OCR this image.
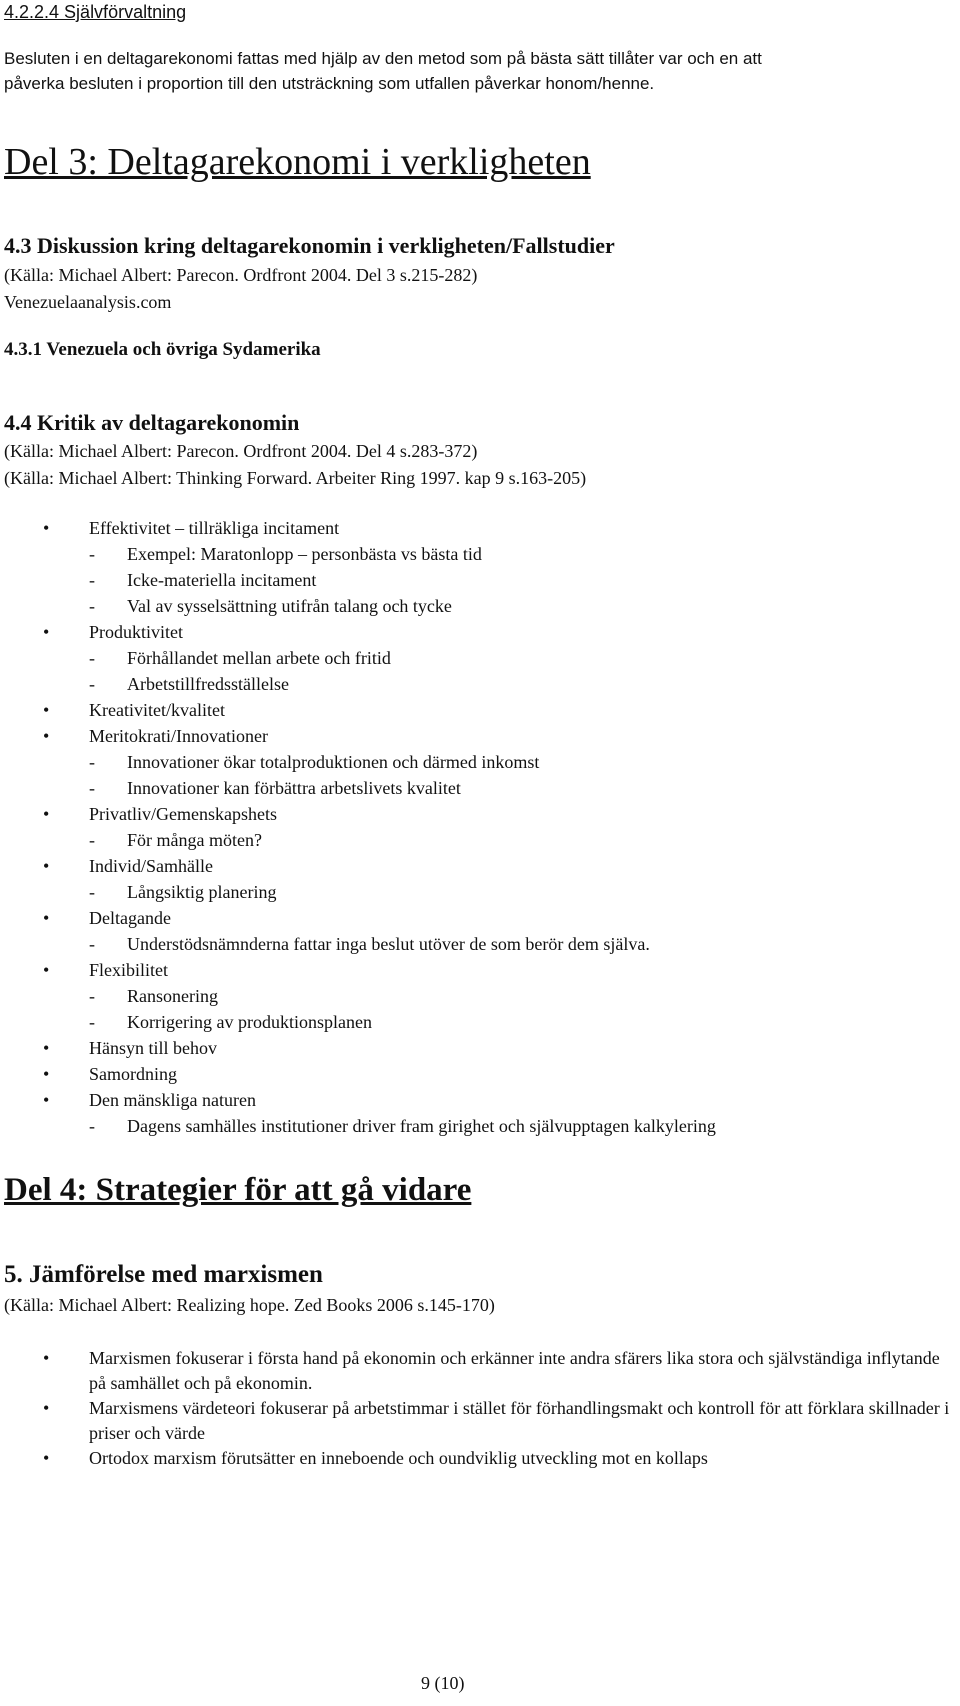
4.2.2.4 Självförvaltning
Besluten i en deltagarekonomi fattas med hjälp av den metod som på bästa sätt tillåter var och en att
påverka besluten i proportion till den utsträckning som utfallen påverkar honom/henne.
Del 3: Deltagarekonomi i verkligheten
4.3 Diskussion kring deltagarekonomin i verkligheten/Fallstudier
(Källa: Michael Albert: Parecon. Ordfront 2004. Del 3 s.215-282)
Venezuelaanalysis.com
4.3.1 Venezuela och övriga Sydamerika
4.4 Kritik av deltagarekonomin
(Källa: Michael Albert: Parecon. Ordfront 2004. Del 4 s.283-372)
(Källa: Michael Albert: Thinking Forward. Arbeiter Ring 1997. kap 9 s.163-205)
• Effektivitet – tillräkliga incitament
- Exempel: Maratonlopp – personbästa vs bästa tid
- Icke-materiella incitament
- Val av sysselsättning utifrån talang och tycke
• Produktivitet
- Förhållandet mellan arbete och fritid
- Arbetstillfredsställelse
• Kreativitet/kvalitet
• Meritokrati/Innovationer
- Innovationer ökar totalproduktionen och därmed inkomst
- Innovationer kan förbättra arbetslivets kvalitet
• Privatliv/Gemenskapshets
- För många möten?
• Individ/Samhälle
- Långsiktig planering
• Deltagande
- Understödsnämnderna fattar inga beslut utöver de som berör dem själva.
• Flexibilitet
- Ransonering
- Korrigering av produktionsplanen
• Hänsyn till behov
• Samordning
• Den mänskliga naturen
- Dagens samhälles institutioner driver fram girighet och självupptagen kalkylering
Del 4: Strategier för att gå vidare
5. Jämförelse med marxismen
(Källa: Michael Albert: Realizing hope. Zed Books 2006 s.145-170)
• Marxismen fokuserar i första hand på ekonomin och erkänner inte andra sfärers lika stora och självständiga inflytande på samhället och på ekonomin.
• Marxismens värdeteori fokuserar på arbetstimmar i stället för förhandlingsmakt och kontroll för att förklara skillnader i priser och värde
• Ortodox marxism förutsätter en inneboende och oundviklig utveckling mot en kollaps
9 (10)
